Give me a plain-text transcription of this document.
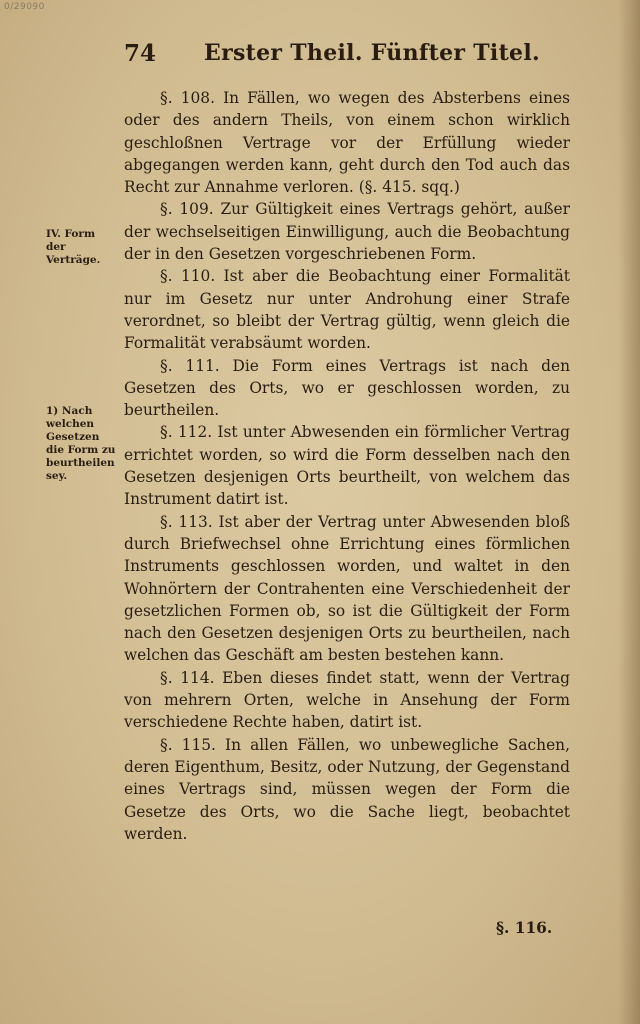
0/29090
74 Erster Theil. Fünfter Titel.
IV. Form der Verträge.
1) Nach welchen Gesetzen die Form zu beurtheilen sey.

§. 108. In Fällen, wo wegen des Absterbens eines oder des andern Theils, von einem schon wirklich geschloßnen Vertrage vor der Erfüllung wieder abgegangen werden kann, geht durch den Tod auch das Recht zur Annahme verloren. (§. 415. sqq.)

§. 109. Zur Gültigkeit eines Vertrags gehört, außer der wechselseitigen Einwilligung, auch die Beobachtung der in den Gesetzen vorgeschriebenen Form.

§. 110. Ist aber die Beobachtung einer Formalität nur im Gesetz nur unter Androhung einer Strafe verordnet, so bleibt der Vertrag gültig, wenn gleich die Formalität verabsäumt worden.

§. 111. Die Form eines Vertrags ist nach den Gesetzen des Orts, wo er geschlossen worden, zu beurtheilen.

§. 112. Ist unter Abwesenden ein förmlicher Vertrag errichtet worden, so wird die Form desselben nach den Gesetzen desjenigen Orts beurtheilt, von welchem das Instrument datirt ist.

§. 113. Ist aber der Vertrag unter Abwesenden bloß durch Briefwechsel ohne Errichtung eines förmlichen Instruments geschlossen worden, und waltet in den Wohnörtern der Contrahenten eine Verschiedenheit der gesetzlichen Formen ob, so ist die Gültigkeit der Form nach den Gesetzen desjenigen Orts zu beurtheilen, nach welchen das Geschäft am besten bestehen kann.

§. 114. Eben dieses findet statt, wenn der Vertrag von mehrern Orten, welche in Ansehung der Form verschiedene Rechte haben, datirt ist.

§. 115. In allen Fällen, wo unbewegliche Sachen, deren Eigenthum, Besitz, oder Nutzung, der Gegenstand eines Vertrags sind, müssen wegen der Form die Gesetze des Orts, wo die Sache liegt, beobachtet werden.

§. 116.
